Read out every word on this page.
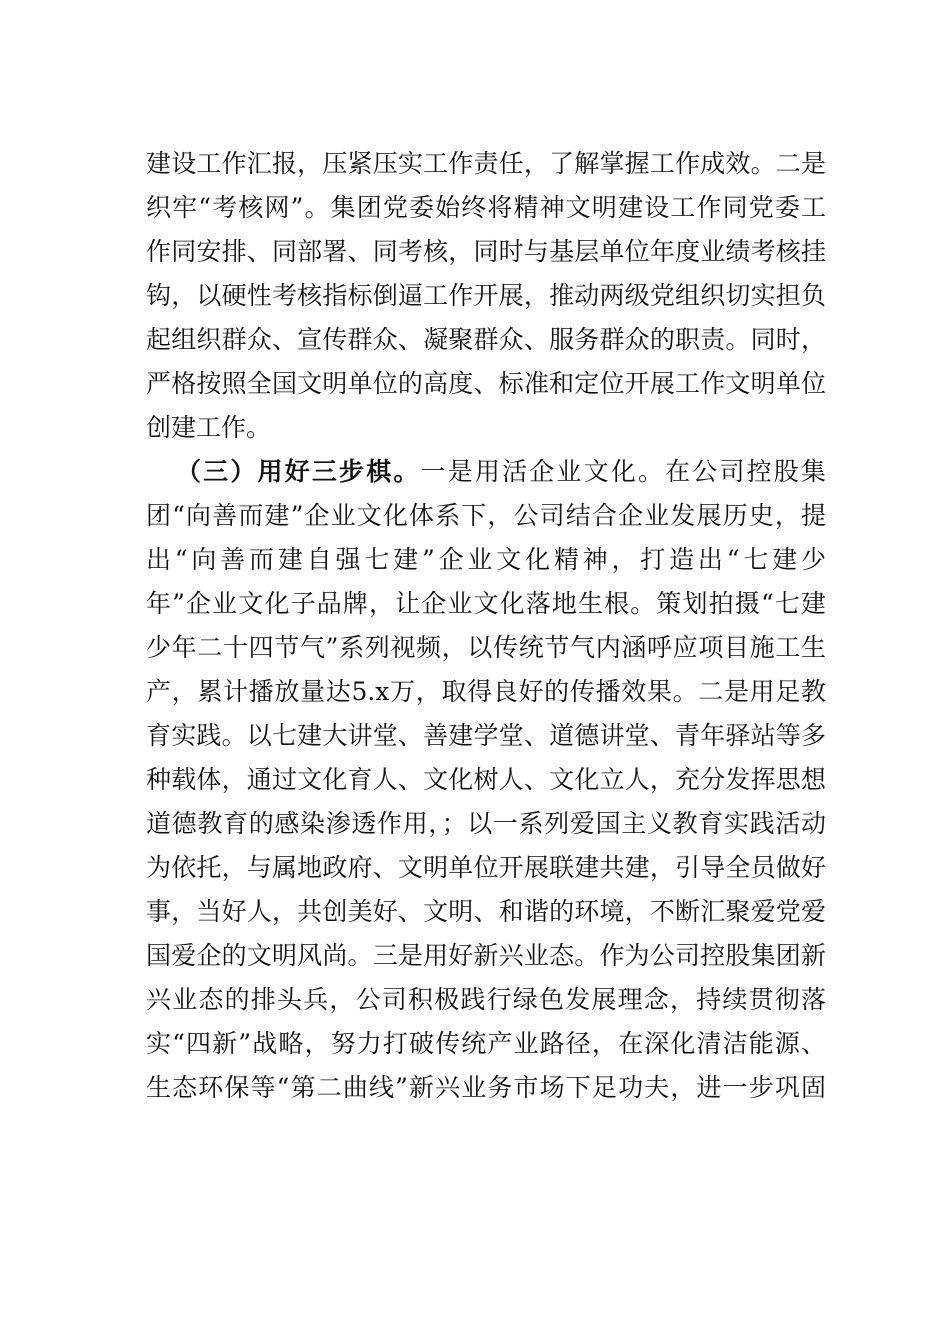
建设工作汇报，压紧压实工作责任，了解掌握工作成效。二是
织牢“考核网”。集团党委始终将精神文明建设工作同党委工
作同安排、同部署、同考核，同时与基层单位年度业绩考核挂
钩，以硬性考核指标倒逼工作开展，推动两级党组织切实担负
起组织群众、宣传群众、凝聚群众、服务群众的职责。同时，
严格按照全国文明单位的高度、标准和定位开展工作文明单位
创建工作。
（三）用好三步棋。一是用活企业文化。在公司控股集
团“向善而建”企业文化体系下，公司结合企业发展历史，提
出“向善而建自强七建”企业文化精神，打造出“七建少
年”企业文化子品牌，让企业文化落地生根。策划拍摄“七建
少年二十四节气”系列视频，以传统节气内涵呼应项目施工生
产，累计播放量达5.x万，取得良好的传播效果。二是用足教
育实践。以七建大讲堂、善建学堂、道德讲堂、青年驿站等多
种载体，通过文化育人、文化树人、文化立人，充分发挥思想
道德教育的感染渗透作用，；以一系列爱国主义教育实践活动
为依托，与属地政府、文明单位开展联建共建，引导全员做好
事，当好人，共创美好、文明、和谐的环境，不断汇聚爱党爱
国爱企的文明风尚。三是用好新兴业态。作为公司控股集团新
兴业态的排头兵，公司积极践行绿色发展理念，持续贯彻落
实“四新”战略，努力打破传统产业路径，在深化清洁能源、
生态环保等“第二曲线”新兴业务市场下足功夫，进一步巩固
